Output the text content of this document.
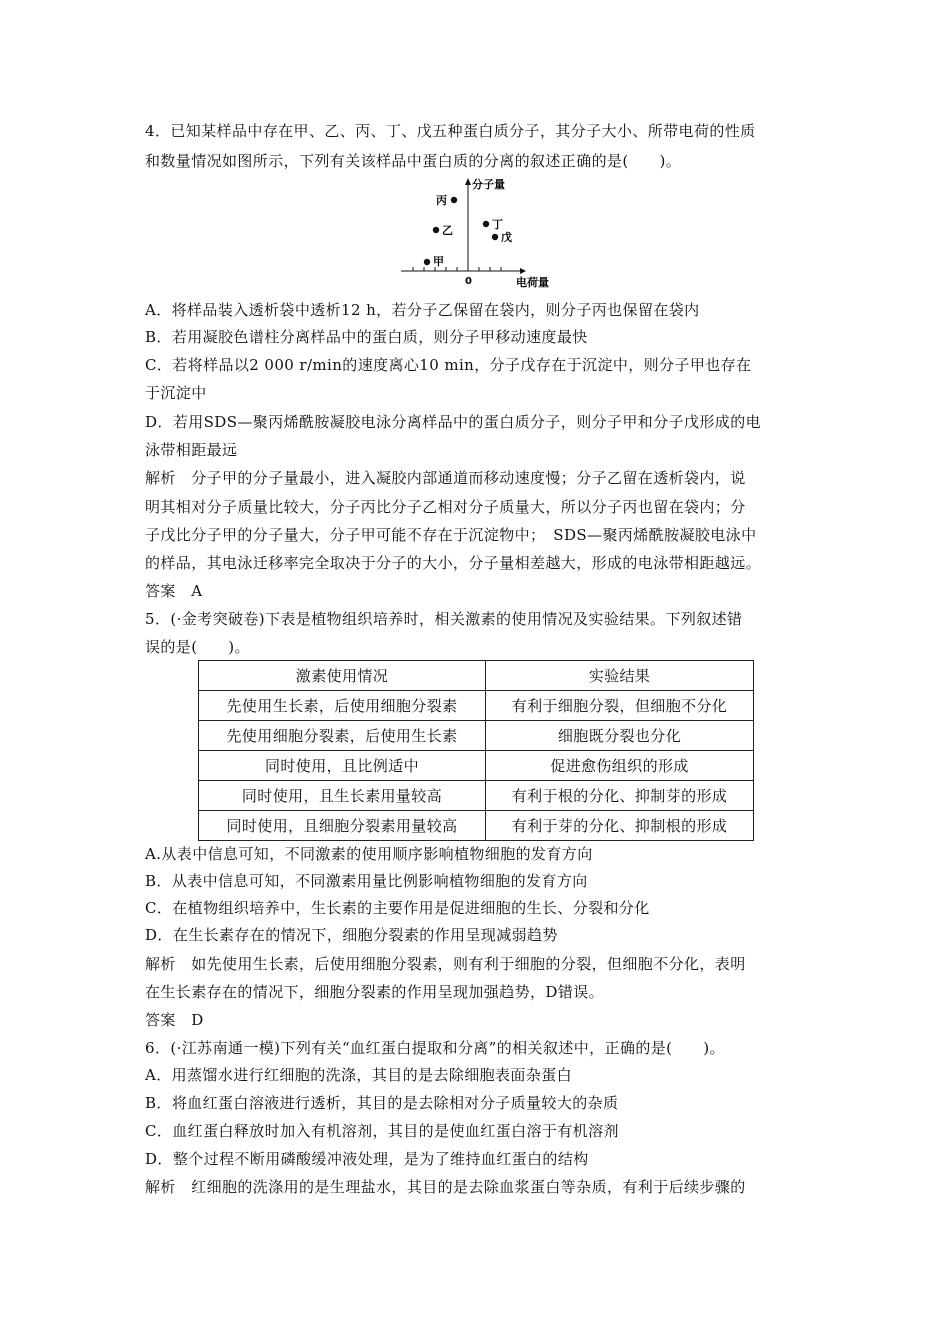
4．已知某样品中存在甲、乙、丙、丁、戊五种蛋白质分子，其分子大小、所带电荷的性质
和数量情况如图所示，下列有关该样品中蛋白质的分离的叙述正确的是(　　)。
分子量
电荷量
0
丙
乙
甲
丁
戊
A．将样品装入透析袋中透析12 h，若分子乙保留在袋内，则分子丙也保留在袋内
B．若用凝胶色谱柱分离样品中的蛋白质，则分子甲移动速度最快
C．若将样品以2 000 r/min的速度离心10 min，分子戊存在于沉淀中，则分子甲也存在
于沉淀中
D．若用SDS—聚丙烯酰胺凝胶电泳分离样品中的蛋白质分子，则分子甲和分子戊形成的电
泳带相距最远
解析　分子甲的分子量最小，进入凝胶内部通道而移动速度慢；分子乙留在透析袋内，说
明其相对分子质量比较大，分子丙比分子乙相对分子质量大，所以分子丙也留在袋内；分
子戊比分子甲的分子量大，分子甲可能不存在于沉淀物中；　SDS—聚丙烯酰胺凝胶电泳中
的样品，其电泳迁移率完全取决于分子的大小，分子量相差越大，形成的电泳带相距越远。
答案　A
5．(·金考突破卷)下表是植物组织培养时，相关激素的使用情况及实验结果。下列叙述错
误的是(　　)。
激素使用情况	实验结果
先使用生长素，后使用细胞分裂素	有利于细胞分裂，但细胞不分化
先使用细胞分裂素，后使用生长素	细胞既分裂也分化
同时使用，且比例适中	促进愈伤组织的形成
同时使用，且生长素用量较高	有利于根的分化、抑制芽的形成
同时使用，且细胞分裂素用量较高	有利于芽的分化、抑制根的形成
A.从表中信息可知，不同激素的使用顺序影响植物细胞的发育方向
B．从表中信息可知，不同激素用量比例影响植物细胞的发育方向
C．在植物组织培养中，生长素的主要作用是促进细胞的生长、分裂和分化
D．在生长素存在的情况下，细胞分裂素的作用呈现减弱趋势
解析　如先使用生长素，后使用细胞分裂素，则有利于细胞的分裂，但细胞不分化，表明
在生长素存在的情况下，细胞分裂素的作用呈现加强趋势，D错误。
答案　D
6．(·江苏南通一模)下列有关“血红蛋白提取和分离”的相关叙述中，正确的是(　　)。
A．用蒸馏水进行红细胞的洗涤，其目的是去除细胞表面杂蛋白
B．将血红蛋白溶液进行透析，其目的是去除相对分子质量较大的杂质
C．血红蛋白释放时加入有机溶剂，其目的是使血红蛋白溶于有机溶剂
D．整个过程不断用磷酸缓冲液处理，是为了维持血红蛋白的结构
解析　红细胞的洗涤用的是生理盐水，其目的是去除血浆蛋白等杂质，有利于后续步骤的
